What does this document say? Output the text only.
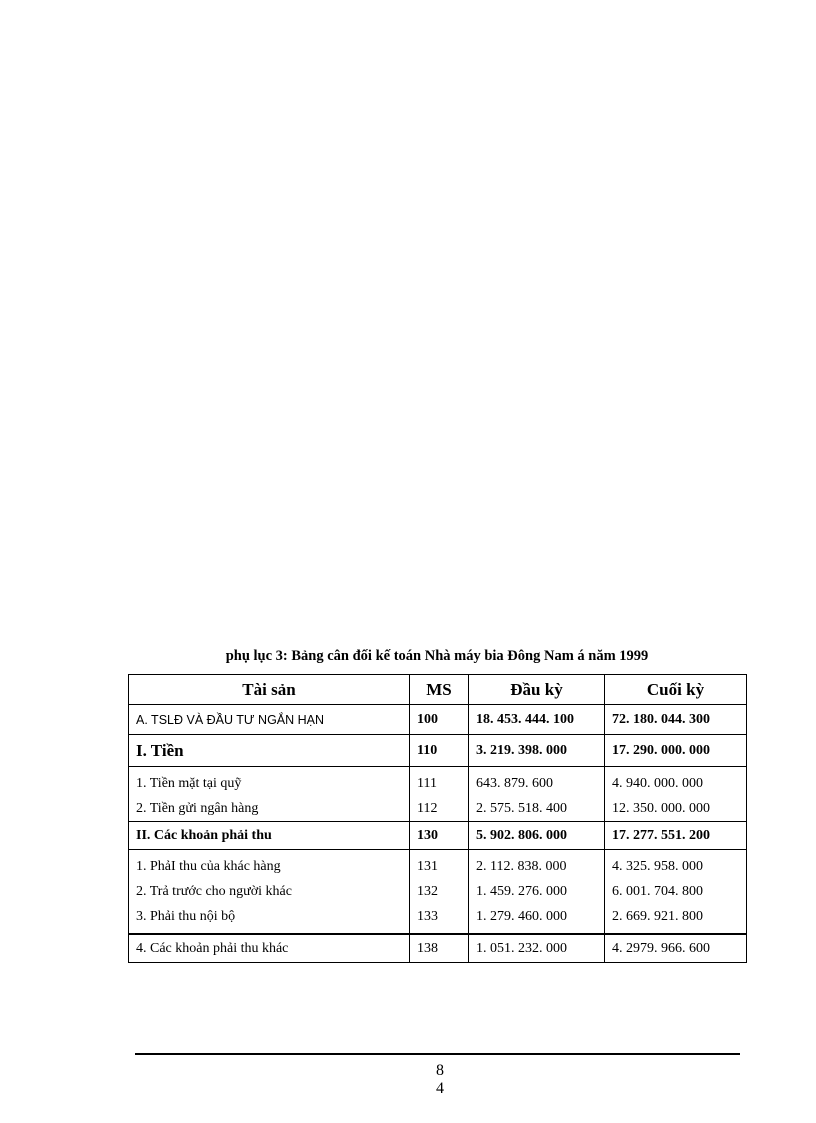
phụ lục 3: Bảng cân đối kế toán Nhà máy bia Đông Nam á năm 1999
Tài sản	MS	Đầu kỳ	Cuối kỳ
A. TSLĐ VÀ ĐẦU TƯ NGẮN HẠN	100	18. 453. 444. 100	72. 180. 044. 300
I. Tiền	110	3. 219. 398. 000	17. 290. 000. 000
1. Tiền mặt tại quỹ	111	643. 879. 600	4. 940. 000. 000
2. Tiền gửi ngân hàng	112	2. 575. 518. 400	12. 350. 000. 000
II. Các khoản phải thu	130	5. 902. 806. 000	17. 277. 551. 200
1. PhảI thu của khác hàng	131	2. 112. 838. 000	4. 325. 958. 000
2. Trả trước cho người khác	132	1. 459. 276. 000	6. 001. 704. 800
3. Phải thu nội bộ	133	1. 279. 460. 000	2. 669. 921. 800
4. Các khoản phải thu khác	138	1. 051. 232. 000	4. 2979. 966. 600
8
4
